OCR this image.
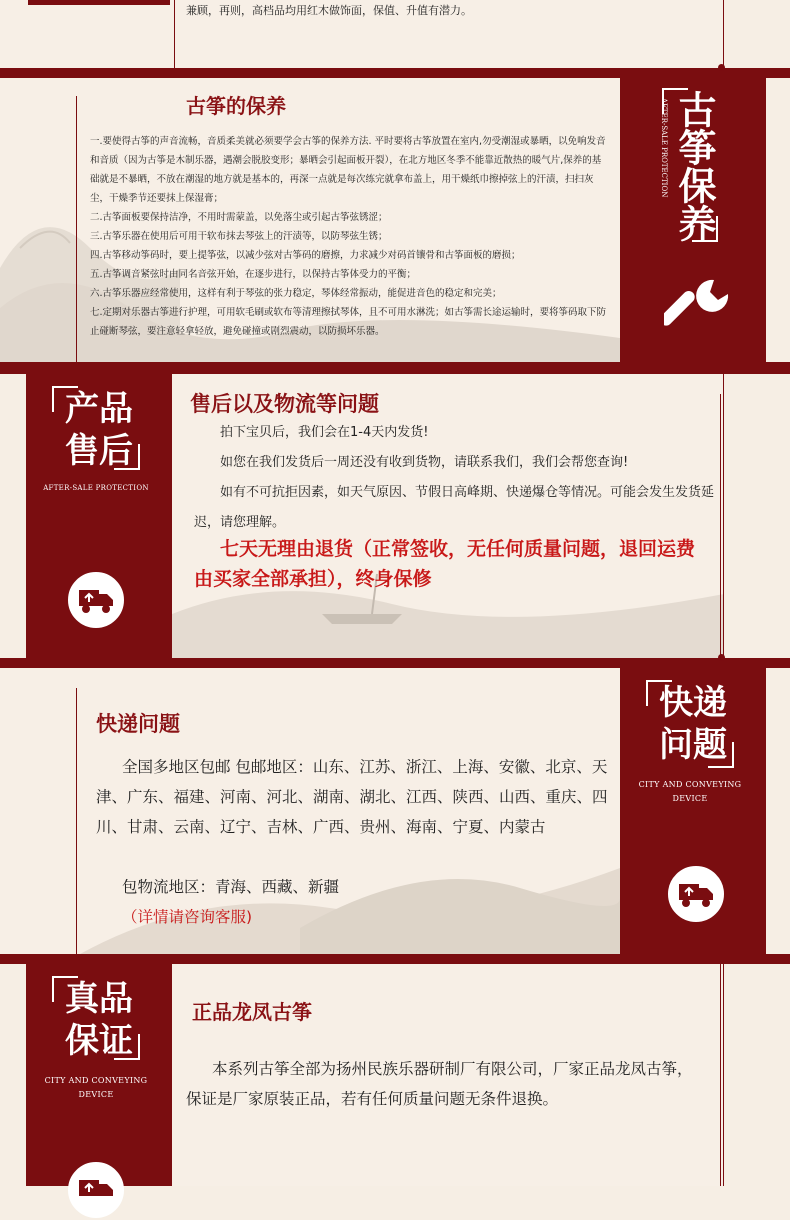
兼顾，再则，高档品均用红木做饰面，保值、升值有潜力。
古筝的保养

一.要使得古筝的声音流畅，音质柔美就必须要学会古筝的保养方法. 平时要将古筝放置在室内,勿受潮湿或暴晒，以免响发音和音质（因为古筝是木制乐器，遇潮会脱胶变形；暴晒会引起面板开裂），在北方地区冬季不能靠近散热的暖气片,保养的基础就是不暴晒，不放在潮湿的地方就是基本的，再深一点就是每次练完就拿布盖上，用干燥纸巾擦掉弦上的汗渍，扫扫灰尘，干燥季节还要抹上保湿膏；

二.古筝面板要保持洁净，不用时需蒙盖，以免落尘或引起古筝弦锈涩；

三.古筝乐器在使用后可用干软布抹去琴弦上的汗渍等，以防琴弦生锈；

四.古筝移动筝码时，要上提筝弦，以减少弦对古筝码的磨擦，力求减少对码首镶骨和古筝面板的磨损；

五.古筝调音紧弦时由同名音弦开始，在逐步进行，以保持古筝体受力的平衡；

六.古筝乐器应经常使用，这样有利于琴弦的张力稳定，琴体经常振动，能促进音色的稳定和完美；

七.定期对乐器古筝进行护理，可用软毛刷或软布等清理擦拭琴体，且不可用水淋洗；如古筝需长途运输时，要将筝码取下防止碰断琴弦，要注意轻拿轻放，避免碰撞或剧烈震动，以防损坏乐器。

AFTER-SALE PROTECTION 古筝
保养
产品
售后
AFTER-SALE PROTECTION
售后以及物流等问题

拍下宝贝后，我们会在1-4天内发货!

如您在我们发货后一周还没有收到货物，请联系我们，我们会帮您查询!

如有不可抗拒因素，如天气原因、节假日高峰期、快递爆仓等情况。可能会发生发货延迟，请您理解。

七天无理由退货（正常签收，无任何质量问题，退回运费由买家全部承担），终身保修
快递问题
全国多地区包邮 包邮地区：山东、江苏、浙江、上海、安徽、北京、天津、广东、福建、河南、河北、湖南、湖北、江西、陕西、山西、重庆、四川、甘肃、云南、辽宁、吉林、广西、贵州、海南、宁夏、内蒙古
包物流地区：青海、西藏、新疆
（详情请咨询客服)
快递
问题
CITY AND CONVEYING
DEVICE
真品
保证
CITY AND CONVEYING
DEVICE
正品龙凤古筝
本系列古筝全部为扬州民族乐器研制厂有限公司，厂家正品龙凤古筝，保证是厂家原装正品，若有任何质量问题无条件退换。
